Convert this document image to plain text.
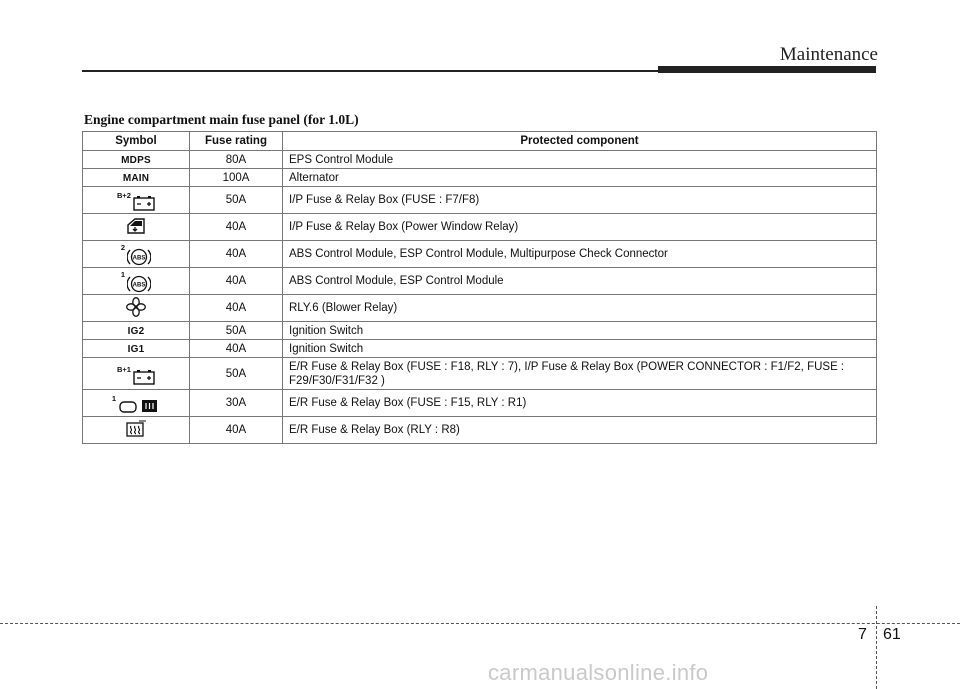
Maintenance
Engine compartment main fuse panel (for 1.0L)
Symbol	Fuse rating	Protected component
MDPS	80A	EPS Control Module
MAIN	100A	Alternator

B+2	50A	I/P Fuse & Relay Box (FUSE : F7/F8)

	40A	I/P Fuse & Relay Box (Power Window Relay)

2
ABS	40A	ABS Control Module, ESP Control Module, Multipurpose Check Connector

1
ABS	40A	ABS Control Module, ESP Control Module

	40A	RLY.6 (Blower Relay)
IG2	50A	Ignition Switch
IG1	40A	Ignition Switch

B+1	50A	E/R Fuse & Relay Box (FUSE : F18, RLY : 7), I/P Fuse & Relay Box (POWER CONNECTOR : F1/F2, FUSE : F29/F30/F31/F32 )

1	30A	E/R Fuse & Relay Box (FUSE : F15, RLY : R1)

	40A	E/R Fuse & Relay Box (RLY : R8)
7 61
carmanualsonline.info
